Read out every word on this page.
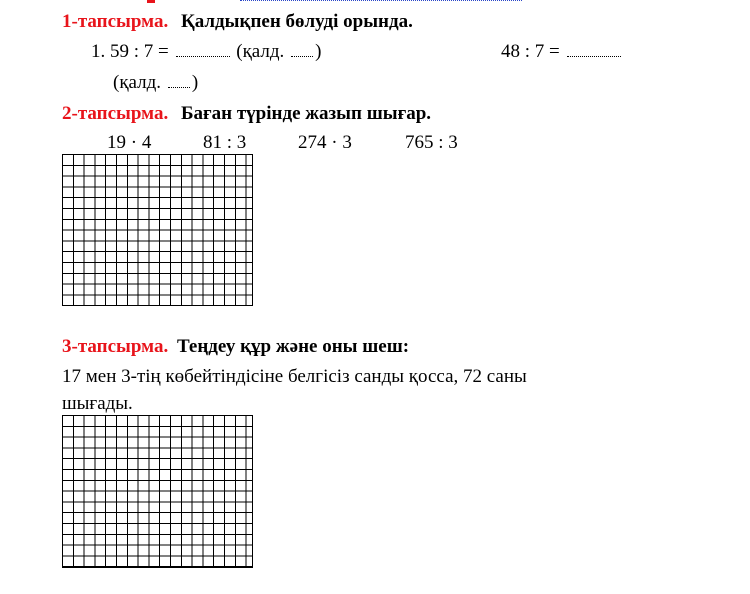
1-тапсырма. Қалдықпен бөлуді орында.
1. 59 : 7 =	(қалд. )	48 : 7 =
(қалд. )
2-тапсырма. Баған түрінде жазып шығар.
19 · 4	81 : 3	274 · 3	765 : 3
3-тапсырма. Теңдеу құр және оны шеш:
17 мен 3-тің көбейтіндісіне белгісіз санды қосса, 72 саны
шығады.
